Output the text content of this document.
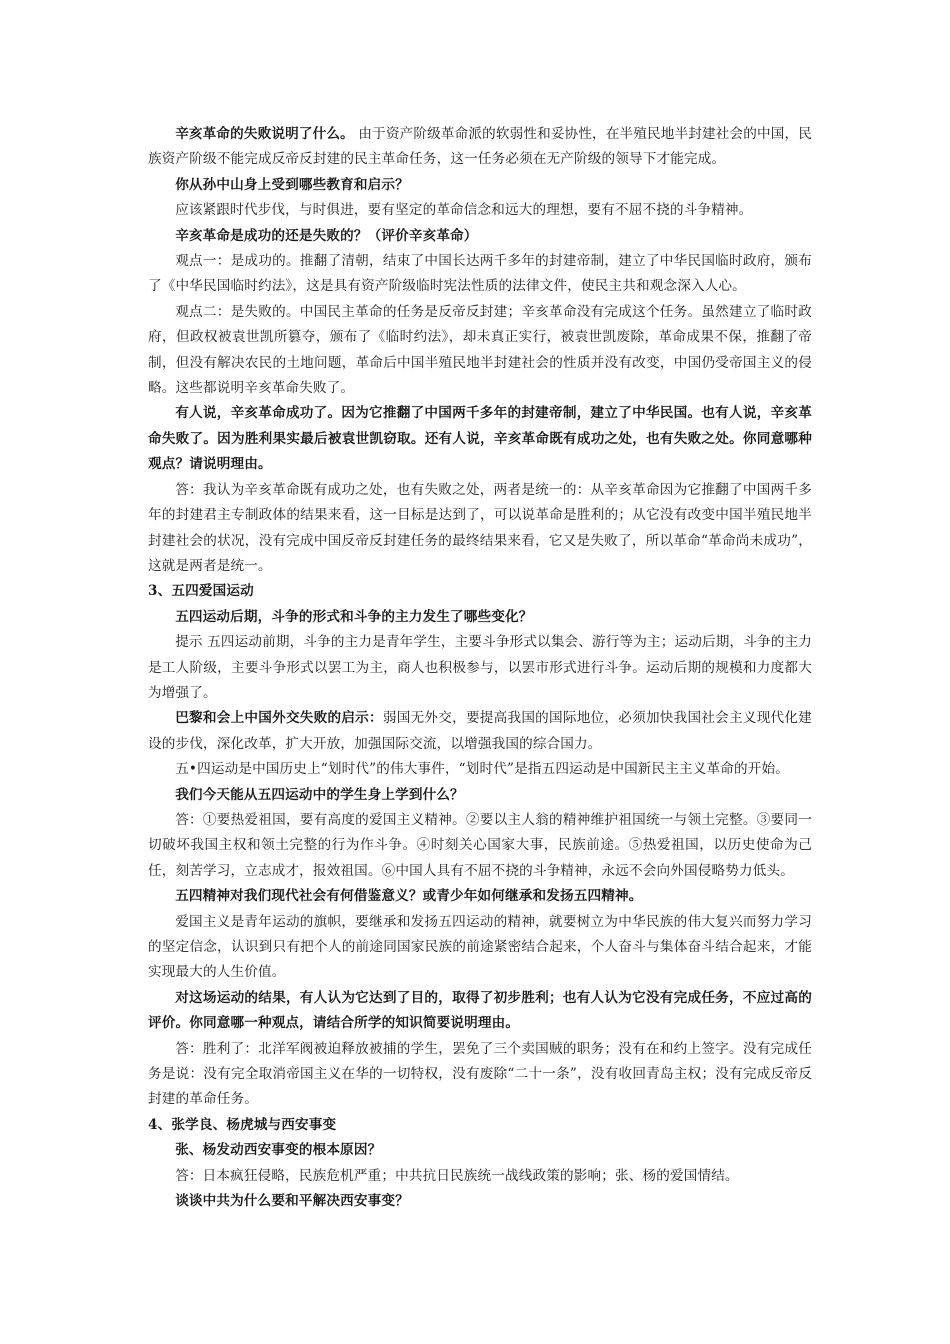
辛亥革命的失败说明了什么。 由于资产阶级革命派的软弱性和妥协性，在半殖民地半封建社会的中国，民族资产阶级不能完成反帝反封建的民主革命任务，这一任务必须在无产阶级的领导下才能完成。

你从孙中山身上受到哪些教育和启示？

应该紧跟时代步伐，与时俱进，要有坚定的革命信念和远大的理想，要有不屈不挠的斗争精神。

辛亥革命是成功的还是失败的？（评价辛亥革命）

观点一：是成功的。推翻了清朝，结束了中国长达两千多年的封建帝制，建立了中华民国临时政府，颁布了《中华民国临时约法》，这是具有资产阶级临时宪法性质的法律文件，使民主共和观念深入人心。

观点二：是失败的。中国民主革命的任务是反帝反封建；辛亥革命没有完成这个任务。虽然建立了临时政府，但政权被袁世凯所篡夺，颁布了《临时约法》，却未真正实行，被袁世凯废除，革命成果不保，推翻了帝制，但没有解决农民的土地问题，革命后中国半殖民地半封建社会的性质并没有改变，中国仍受帝国主义的侵略。这些都说明辛亥革命失败了。

有人说，辛亥革命成功了。因为它推翻了中国两千多年的封建帝制，建立了中华民国。也有人说，辛亥革命失败了。因为胜利果实最后被袁世凯窃取。还有人说，辛亥革命既有成功之处，也有失败之处。你同意哪种观点？请说明理由。

答：我认为辛亥革命既有成功之处，也有失败之处，两者是统一的：从辛亥革命因为它推翻了中国两千多年的封建君主专制政体的结果来看，这一目标是达到了，可以说革命是胜利的；从它没有改变中国半殖民地半封建社会的状况，没有完成中国反帝反封建任务的最终结果来看，它又是失败了，所以革命“革命尚未成功”，这就是两者是统一。

3、五四爱国运动

五四运动后期，斗争的形式和斗争的主力发生了哪些变化？

提示 五四运动前期，斗争的主力是青年学生，主要斗争形式以集会、游行等为主；运动后期，斗争的主力是工人阶级，主要斗争形式以罢工为主，商人也积极参与，以罢市形式进行斗争。运动后期的规模和力度都大为增强了。

巴黎和会上中国外交失败的启示：弱国无外交，要提高我国的国际地位，必须加快我国社会主义现代化建设的步伐，深化改革，扩大开放，加强国际交流，以增强我国的综合国力。

五•四运动是中国历史上“划时代”的伟大事件，“划时代”是指五四运动是中国新民主主义革命的开始。

我们今天能从五四运动中的学生身上学到什么？

答：①要热爱祖国，要有高度的爱国主义精神。②要以主人翁的精神维护祖国统一与领土完整。③要同一切破坏我国主权和领土完整的行为作斗争。④时刻关心国家大事，民族前途。⑤热爱祖国，以历史使命为己任，刻苦学习，立志成才，报效祖国。⑥中国人具有不屈不挠的斗争精神，永远不会向外国侵略势力低头。

五四精神对我们现代社会有何借鉴意义？或青少年如何继承和发扬五四精神。

爱国主义是青年运动的旗帜，要继承和发扬五四运动的精神，就要树立为中华民族的伟大复兴而努力学习的坚定信念，认识到只有把个人的前途同国家民族的前途紧密结合起来，个人奋斗与集体奋斗结合起来，才能实现最大的人生价值。

对这场运动的结果，有人认为它达到了目的，取得了初步胜利；也有人认为它没有完成任务，不应过高的评价。你同意哪一种观点，请结合所学的知识简要说明理由。

答：胜利了：北洋军阀被迫释放被捕的学生，罢免了三个卖国贼的职务；没有在和约上签字。没有完成任务是说：没有完全取消帝国主义在华的一切特权，没有废除“二十一条”，没有收回青岛主权；没有完成反帝反封建的革命任务。

4、张学良、杨虎城与西安事变

张、杨发动西安事变的根本原因？

答：日本疯狂侵略，民族危机严重；中共抗日民族统一战线政策的影响；张、杨的爱国情结。

谈谈中共为什么要和平解决西安事变？
